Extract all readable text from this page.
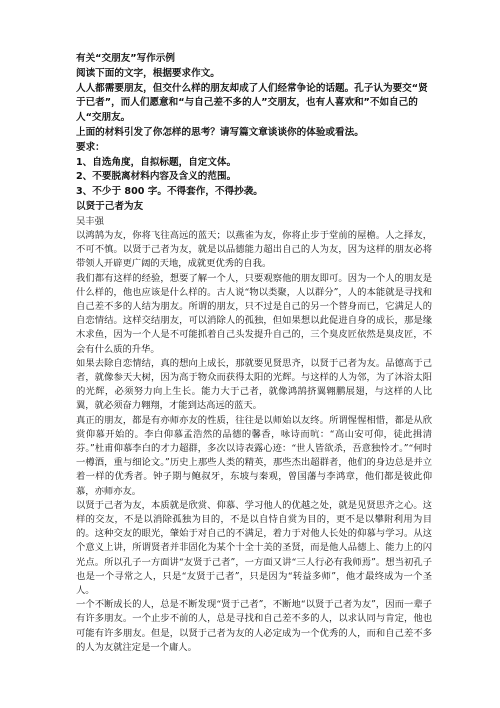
有关“交朋友”写作示例

阅读下面的文字，根据要求作文。

人人都需要朋友，但交什么样的朋友却成了人们经常争论的话题。孔子认为要交“贤于已者”，而人们愿意和“与自己差不多的人”交朋友，也有人喜欢和”不如自己的人“交朋友。

上面的材料引发了你怎样的思考？请写篇文章谈谈你的体验或看法。

要求：

1、自选角度，自拟标题，自定文体。

2、不要脱离材料内容及含义的范围。

3、不少于 800 字。不得套作，不得抄袭。

以贤于己者为友

吴丰强

以鸿鹄为友，你将飞往高远的蓝天；以燕雀为友，你将止步于堂前的屋檐。人之择友，不可不慎。以贤于己者为友，就是以品德能力超出自己的人为友，因为这样的朋友必将带领人开辟更广阔的天地，成就更优秀的自我。

我们都有这样的经验，想要了解一个人，只要观察他的朋友即可。因为一个人的朋友是什么样的，他也应该是什么样的。古人说“物以类聚，人以群分”，人的本能就是寻找和自己差不多的人结为朋友。所谓的朋友，只不过是自己的另一个替身而已，它满足人的自恋情结。这样交结朋友，可以消除人的孤独，但如果想以此促进自身的成长，那是缘木求鱼，因为一个人是不可能抓着自己头发提升自己的，三个臭皮匠依然是臭皮匠，不会有什么质的升华。

如果去除自恋情结，真的想向上成长，那就要见贤思齐，以贤于己者为友。品德高于己者，就像参天大树，因为高于物众而获得太阳的光辉。与这样的人为邻，为了沐浴太阳的光辉，必须努力向上生长。能力大于己者，就像鸿鹄挤翼翱鹏展翅，与这样的人比翼，就必须奋力翱翔，才能到达高远的蓝天。

真正的朋友，都是有亦师亦友的性质，往往是以师始以友终。所谓惺惺相惜，都是从欣赏仰慕开始的。李白仰慕孟浩然的品德的馨香，咏诗而吭：“高山安可仰，徒此揖清芬。”杜甫仰慕李白的才力超群，多次以诗表露心迹：“世人皆欲杀，吾意独怜才。”“何时一樽酒，重与细论文。”历史上那些人类的精英，那些杰出超群者，他们的身边总是并立着一样的优秀者。钟子期与鲍叔牙，东坡与秦观，曾国藩与李鸿章，他们都是彼此仰慕，亦师亦友。

以贤于己者为友，本质就是欣赏、仰慕、学习他人的优越之处，就是见贤思齐之心。这样的交友，不是以消除孤独为目的，不是以自恃自赏为目的，更不是以攀附利用为目的。这种交友的眼光，肇始于对自己的不满足，着力于对他人长处的仰慕与学习。从这个意义上讲，所谓贤者并非固化为某个十全十美的圣贤，而是他人品德上、能力上的闪光点。所以孔子一方面讲“友贤于己者”，一方面又讲“三人行必有我师焉”。想当初孔子也是一个寻常之人，只是“友贤于己者”，只是因为“转益多师”，他才最终成为一个圣人。

一个不断成长的人，总是不断发现“贤于己者”，不断地“以贤于己者为友”，因而一辈子有许多朋友。一个止步不前的人，总是寻找和自己差不多的人，以求认同与肯定，他也可能有许多朋友。但是，以贤于己者为友的人必定成为一个优秀的人，而和自己差不多的人为友就注定是一个庸人。
